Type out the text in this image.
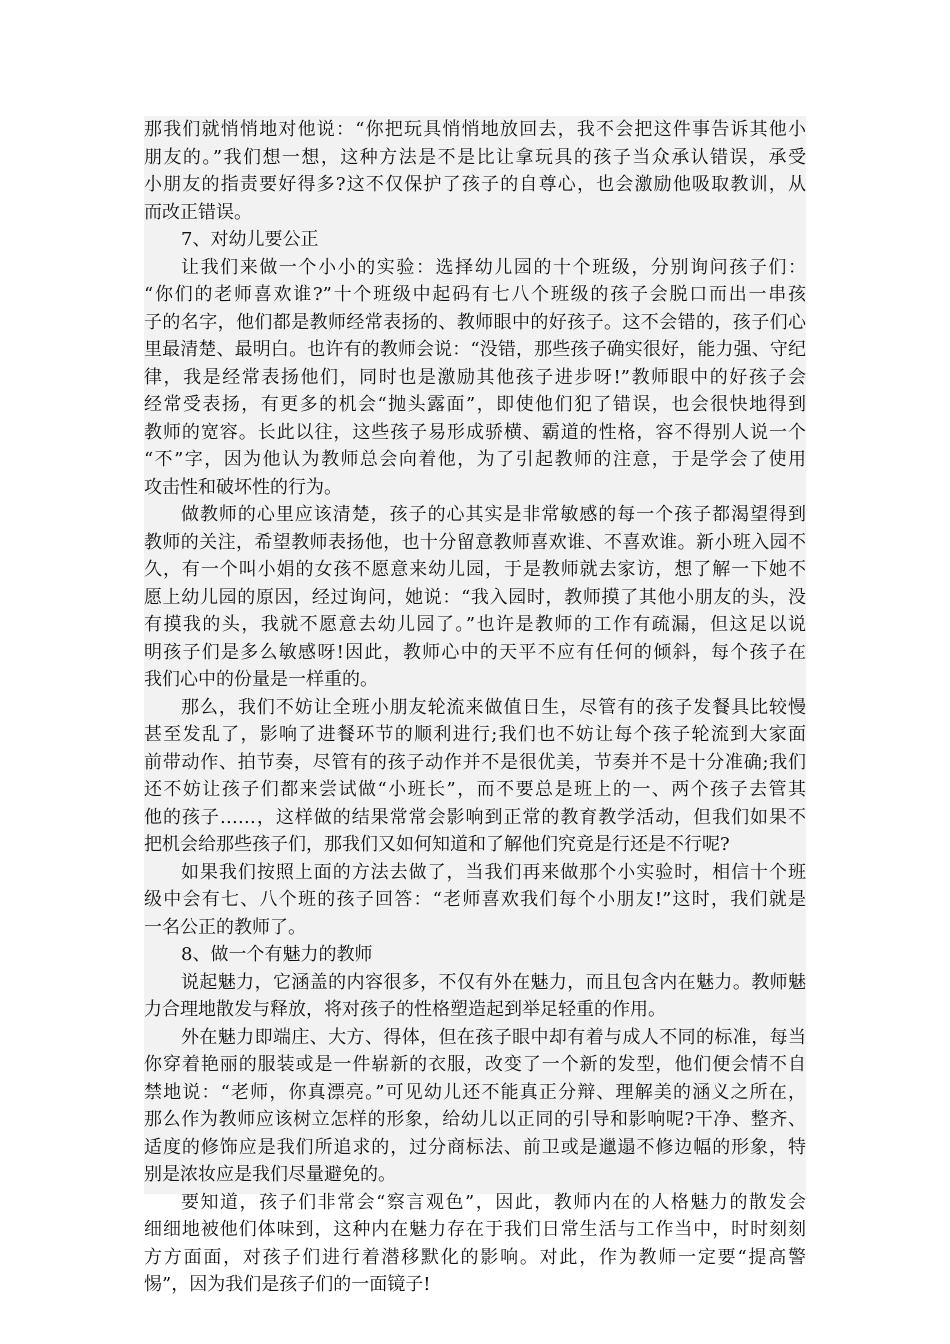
那我们就悄悄地对他说：“你把玩具悄悄地放回去，我不会把这件事告诉其他小
朋友的。”我们想一想，这种方法是不是比让拿玩具的孩子当众承认错误，承受
小朋友的指责要好得多?这不仅保护了孩子的自尊心，也会激励他吸取教训，从
而改正错误。
7、对幼儿要公正
让我们来做一个小小的实验：选择幼儿园的十个班级，分别询问孩子们：
“你们的老师喜欢谁?”十个班级中起码有七八个班级的孩子会脱口而出一串孩
子的名字，他们都是教师经常表扬的、教师眼中的好孩子。这不会错的，孩子们心
里最清楚、最明白。也许有的教师会说：“没错，那些孩子确实很好，能力强、守纪
律，我是经常表扬他们，同时也是激励其他孩子进步呀!”教师眼中的好孩子会
经常受表扬，有更多的机会“抛头露面”，即使他们犯了错误，也会很快地得到
教师的宽容。长此以往，这些孩子易形成骄横、霸道的性格，容不得别人说一个
“不”字，因为他认为教师总会向着他，为了引起教师的注意，于是学会了使用
攻击性和破坏性的行为。
做教师的心里应该清楚，孩子的心其实是非常敏感的每一个孩子都渴望得到
教师的关注，希望教师表扬他，也十分留意教师喜欢谁、不喜欢谁。新小班入园不
久，有一个叫小娟的女孩不愿意来幼儿园，于是教师就去家访，想了解一下她不
愿上幼儿园的原因，经过询问，她说：“我入园时，教师摸了其他小朋友的头，没
有摸我的头，我就不愿意去幼儿园了。”也许是教师的工作有疏漏，但这足以说
明孩子们是多么敏感呀!因此，教师心中的天平不应有任何的倾斜，每个孩子在
我们心中的份量是一样重的。
那么，我们不妨让全班小朋友轮流来做值日生，尽管有的孩子发餐具比较慢
甚至发乱了，影响了进餐环节的顺利进行;我们也不妨让每个孩子轮流到大家面
前带动作、拍节奏，尽管有的孩子动作并不是很优美，节奏并不是十分准确;我们
还不妨让孩子们都来尝试做“小班长”，而不要总是班上的一、两个孩子去管其
他的孩子……，这样做的结果常常会影响到正常的教育教学活动，但我们如果不
把机会给那些孩子们，那我们又如何知道和了解他们究竟是行还是不行呢?
如果我们按照上面的方法去做了，当我们再来做那个小实验时，相信十个班
级中会有七、八个班的孩子回答：“老师喜欢我们每个小朋友!”这时，我们就是
一名公正的教师了。
8、做一个有魅力的教师
说起魅力，它涵盖的内容很多，不仅有外在魅力，而且包含内在魅力。教师魅
力合理地散发与释放，将对孩子的性格塑造起到举足轻重的作用。
外在魅力即端庄、大方、得体，但在孩子眼中却有着与成人不同的标准，每当
你穿着艳丽的服装或是一件崭新的衣服，改变了一个新的发型，他们便会情不自
禁地说：“老师，你真漂亮。”可见幼儿还不能真正分辩、理解美的涵义之所在，
那么作为教师应该树立怎样的形象，给幼儿以正同的引导和影响呢?干净、整齐、
适度的修饰应是我们所追求的，过分商标法、前卫或是邋遢不修边幅的形象，特
别是浓妆应是我们尽量避免的。
要知道，孩子们非常会“察言观色”，因此，教师内在的人格魅力的散发会
细细地被他们体味到，这种内在魅力存在于我们日常生活与工作当中，时时刻刻
方方面面，对孩子们进行着潜移默化的影响。对此，作为教师一定要“提高警
惕”，因为我们是孩子们的一面镜子!
